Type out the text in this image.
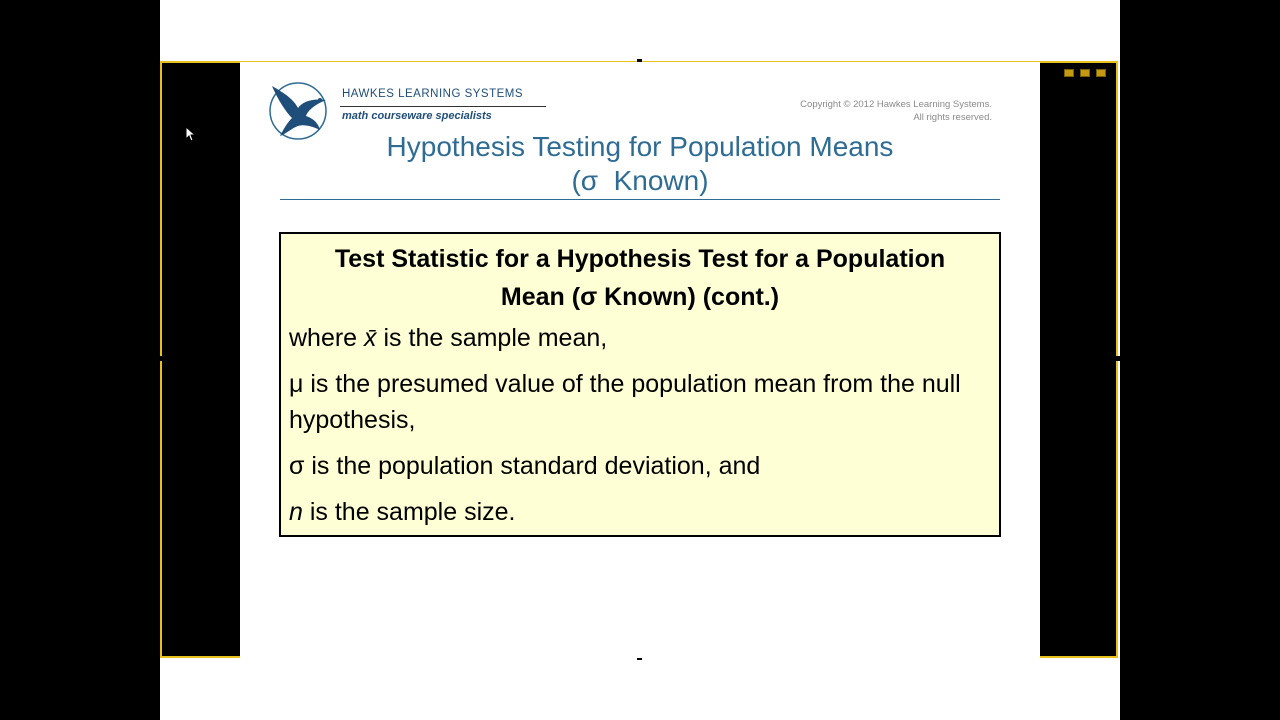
HAWKES LEARNING SYSTEMS
math courseware specialists
Copyright © 2012 Hawkes Learning Systems.
All rights reserved.
Hypothesis Testing for Population Means
(σ  Known)
Test Statistic for a Hypothesis Test for a Population
Mean (σ Known) (cont.)
where x̄ is the sample mean,
μ is the presumed value of the population mean from the null hypothesis,
σ is the population standard deviation, and
n is the sample size.
